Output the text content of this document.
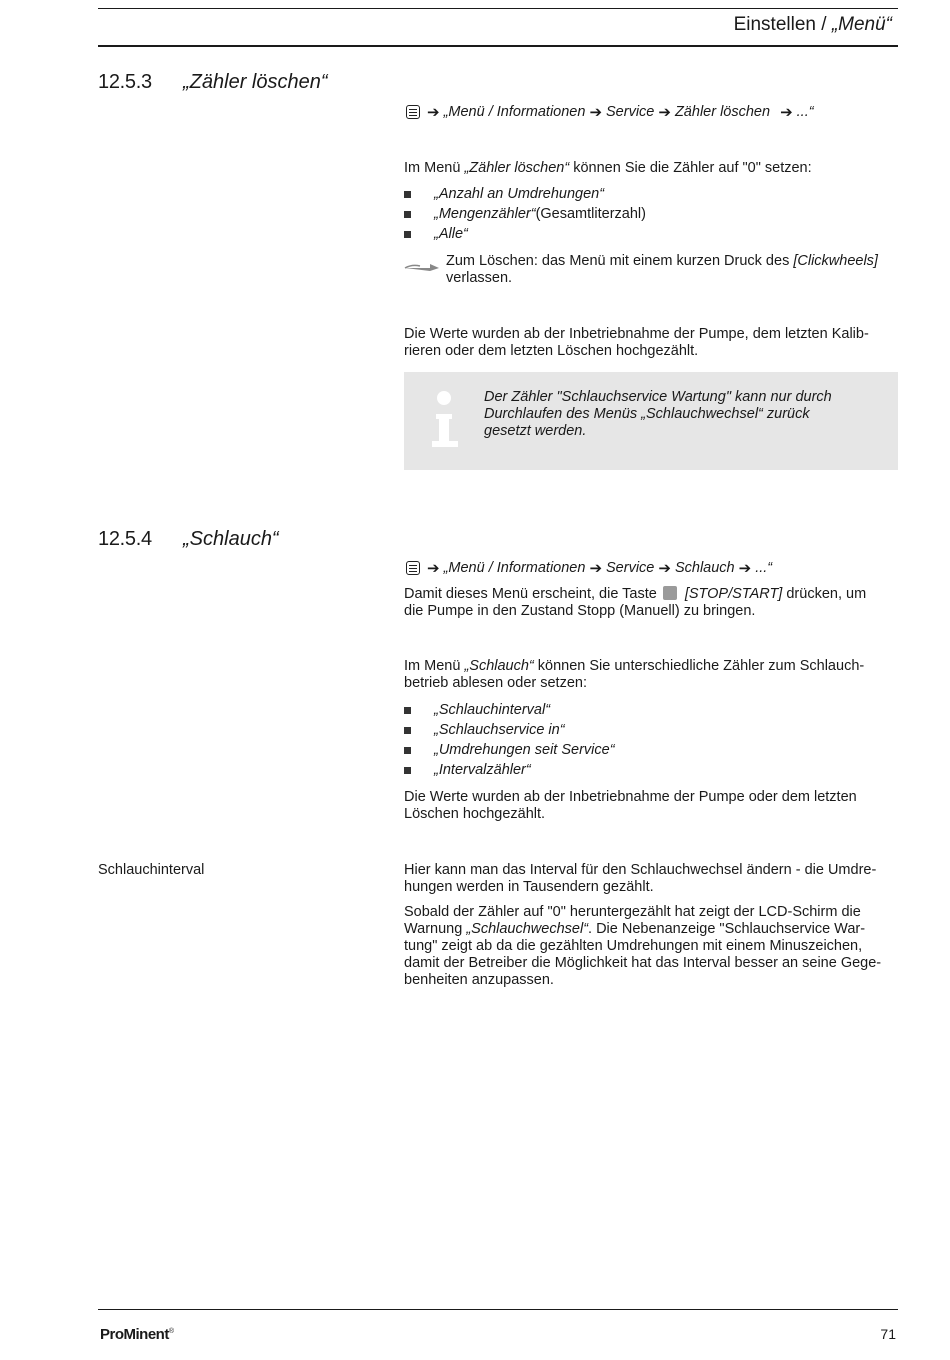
Einstellen / „Menü“
12.5.3 „Zähler löschen“
➔ „Menü / Informationen ➔ Service ➔ Zähler löschen ➔ ...“
Im Menü „Zähler löschen“ können Sie die Zähler auf "0" setzen:
„Anzahl an Umdrehungen“
„Mengenzähler“ (Gesamtliterzahl)
„Alle“
Zum Löschen: das Menü mit einem kurzen Druck des [Clickwheels]
verlassen.
Die Werte wurden ab der Inbetriebnahme der Pumpe, dem letzten Kalib-
rieren oder dem letzten Löschen hochgezählt.
Der Zähler "Schlauchservice Wartung" kann nur durch
Durchlaufen des Menüs „Schlauchwechsel“ zurück
gesetzt werden.
12.5.4 „Schlauch“
➔ „Menü / Informationen ➔ Service ➔ Schlauch ➔ ...“
Damit dieses Menü erscheint, die Taste [STOP/START] drücken, um
die Pumpe in den Zustand Stopp (Manuell) zu bringen.
Im Menü „Schlauch“ können Sie unterschiedliche Zähler zum Schlauch-
betrieb ablesen oder setzen:
„Schlauchinterval“
„Schlauchservice in“
„Umdrehungen seit Service“
„Intervalzähler“
Die Werte wurden ab der Inbetriebnahme der Pumpe oder dem letzten
Löschen hochgezählt.
Schlauchinterval	Hier kann man das Interval für den Schlauchwechsel ändern - die Umdre-
hungen werden in Tausendern gezählt.
Sobald der Zähler auf "0" heruntergezählt hat zeigt der LCD-Schirm die
Warnung „Schlauchwechsel“. Die Nebenanzeige "Schlauchservice War-
tung" zeigt ab da die gezählten Umdrehungen mit einem Minuszeichen,
damit der Betreiber die Möglichkeit hat das Interval besser an seine Gege-
benheiten anzupassen.
ProMinent®	71
